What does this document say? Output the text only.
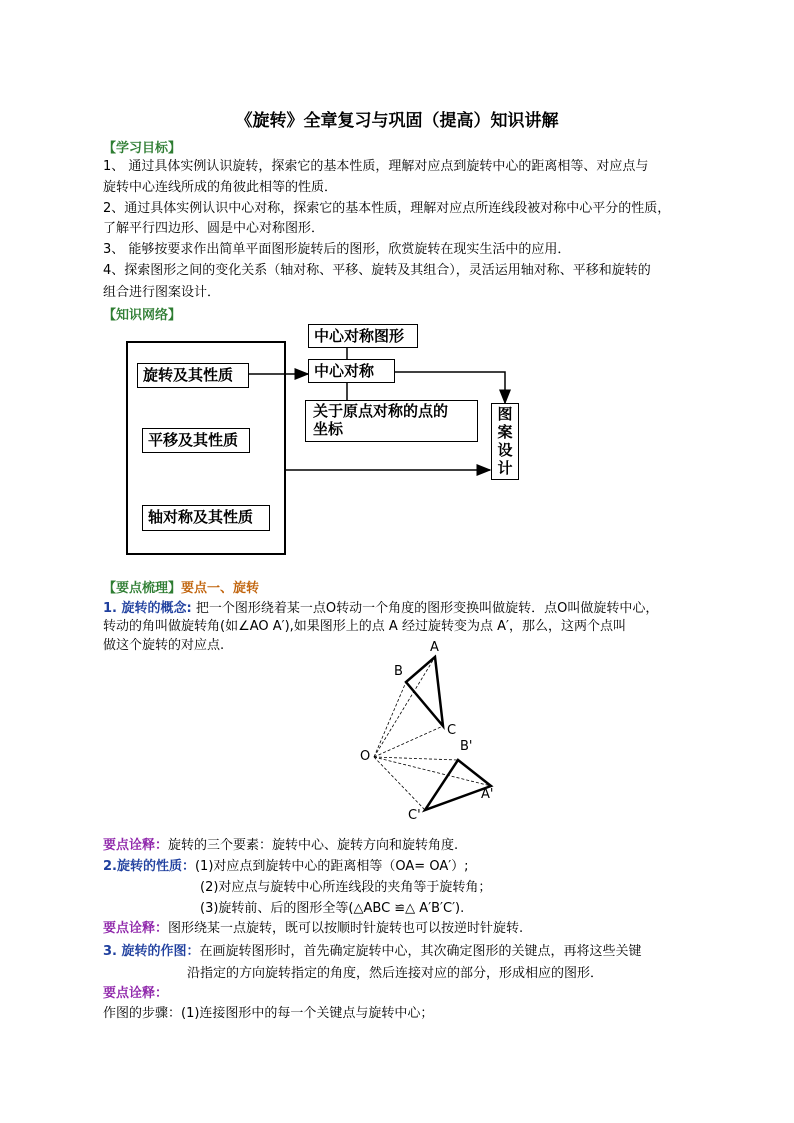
《旋转》全章复习与巩固（提高）知识讲解
【学习目标】
1、 通过具体实例认识旋转，探索它的基本性质，理解对应点到旋转中心的距离相等、对应点与
旋转中心连线所成的角彼此相等的性质．
2、通过具体实例认识中心对称，探索它的基本性质，理解对应点所连线段被对称中心平分的性质，
了解平行四边形、圆是中心对称图形．
3、 能够按要求作出简单平面图形旋转后的图形，欣赏旋转在现实生活中的应用．
4、探索图形之间的变化关系（轴对称、平移、旋转及其组合），灵活运用轴对称、平移和旋转的
组合进行图案设计．
【知识网络】
旋转及其性质
平移及其性质
轴对称及其性质
中心对称图形
中心对称
关于原点对称的点的
坐标
图
案
设
计
【要点梳理】要点一、旋转
1. 旋转的概念: 把一个图形绕着某一点O转动一个角度的图形变换叫做旋转．点O叫做旋转中心，
转动的角叫做旋转角(如∠AO A′),如果图形上的点 A 经过旋转变为点 A′，那么，这两个点叫
做这个旋转的对应点.	A
B
C
O
B'
A'
C'
要点诠释：旋转的三个要素：旋转中心、旋转方向和旋转角度.
2.旋转的性质：(1)对应点到旋转中心的距离相等（OA= OA′）;
(2)对应点与旋转中心所连线段的夹角等于旋转角；
(3)旋转前、后的图形全等(△ABC ≌△ A′B′C′).
要点诠释：图形绕某一点旋转，既可以按顺时针旋转也可以按逆时针旋转.
3. 旋转的作图：在画旋转图形时，首先确定旋转中心，其次确定图形的关键点，再将这些关键
沿指定的方向旋转指定的角度，然后连接对应的部分，形成相应的图形．
要点诠释：
作图的步骤：(1)连接图形中的每一个关键点与旋转中心；
